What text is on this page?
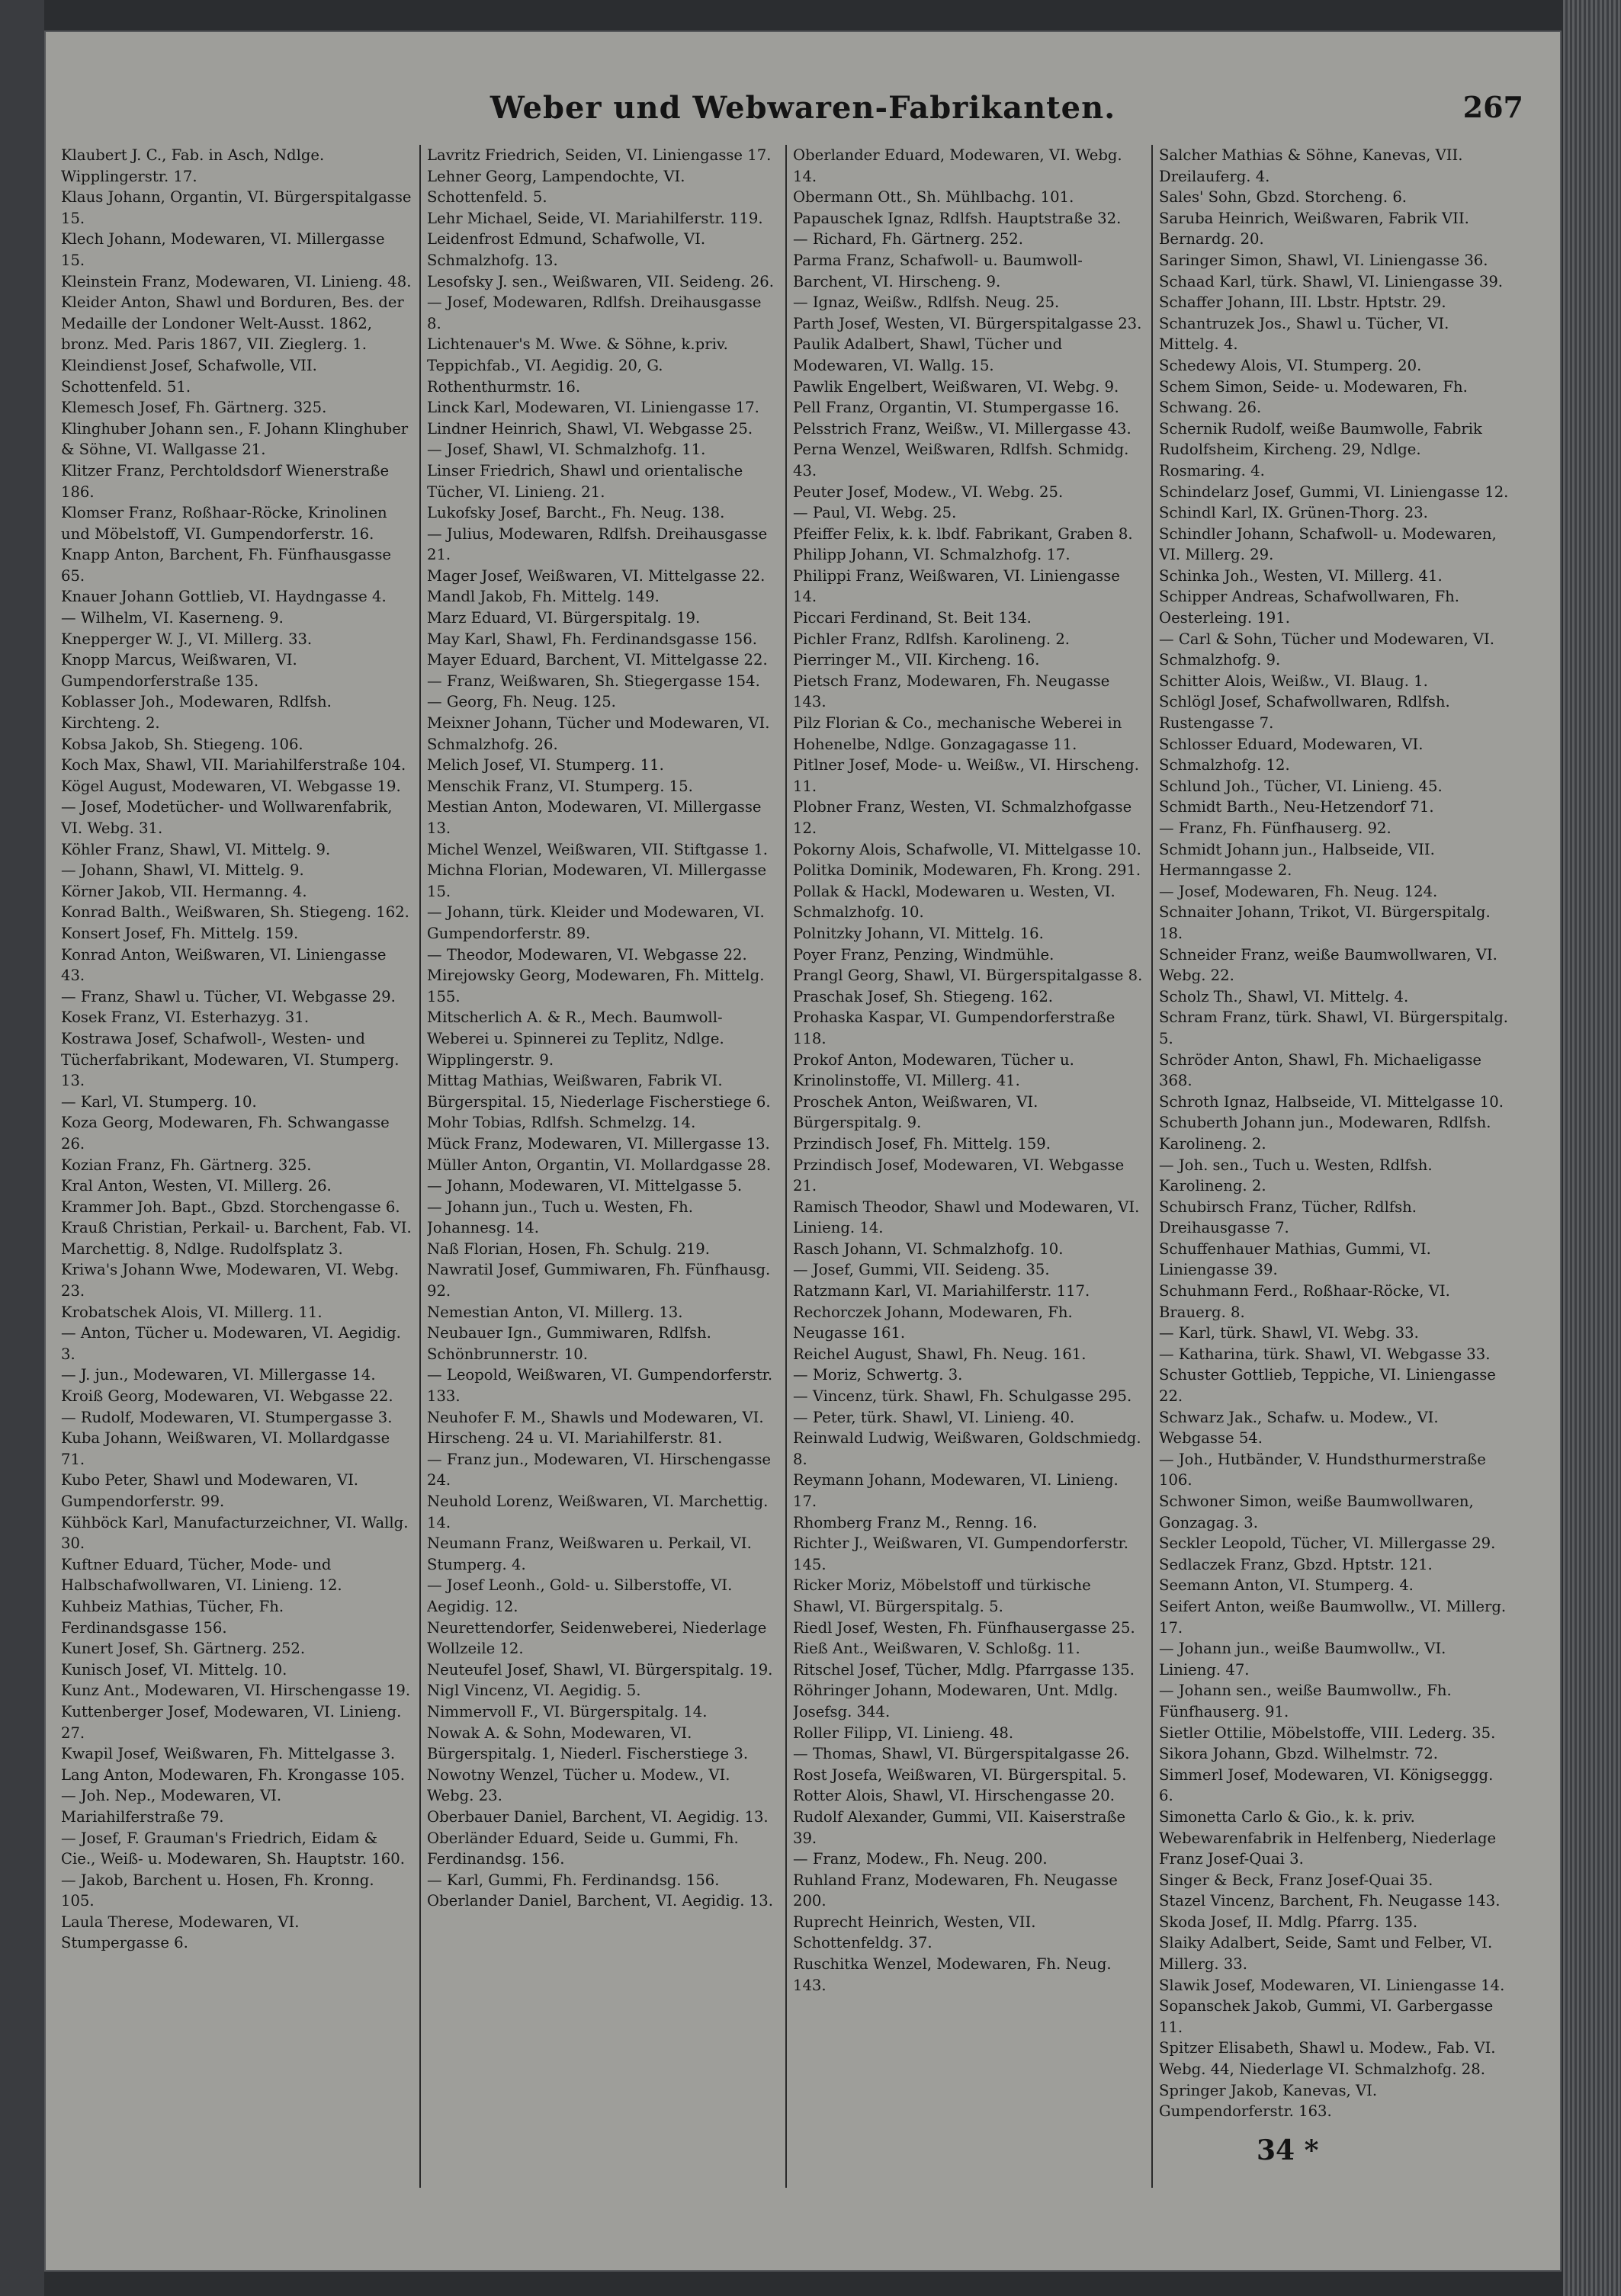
Weber und Webwaren-Fabrikanten.	267

Klaubert J. C., Fab. in Asch, Ndlge. Wipplingerstr. 17.

Klaus Johann, Organtin, VI. Bürgerspitalgasse 15.

Klech Johann, Modewaren, VI. Millergasse 15.

Kleinstein Franz, Modewaren, VI. Linieng. 48.

Kleider Anton, Shawl und Borduren, Bes. der Medaille der Londoner Welt-Ausst. 1862, bronz. Med. Paris 1867, VII. Zieglerg. 1.

Kleindienst Josef, Schafwolle, VII. Schottenfeld. 51.

Klemesch Josef, Fh. Gärtnerg. 325.

Klinghuber Johann sen., F. Johann Klinghuber & Söhne, VI. Wallgasse 21.

Klitzer Franz, Perchtoldsdorf Wienerstraße 186.

Klomser Franz, Roßhaar-Röcke, Krinolinen und Möbelstoff, VI. Gumpendorferstr. 16.

Knapp Anton, Barchent, Fh. Fünfhausgasse 65.

Knauer Johann Gottlieb, VI. Haydngasse 4.

— Wilhelm, VI. Kaserneng. 9.

Knepperger W. J., VI. Millerg. 33.

Knopp Marcus, Weißwaren, VI. Gumpendorferstraße 135.

Koblasser Joh., Modewaren, Rdlfsh. Kirchteng. 2.

Kobsa Jakob, Sh. Stiegeng. 106.

Koch Max, Shawl, VII. Mariahilferstraße 104.

Kögel August, Modewaren, VI. Webgasse 19.

— Josef, Modetücher- und Wollwarenfabrik, VI. Webg. 31.

Köhler Franz, Shawl, VI. Mittelg. 9.

— Johann, Shawl, VI. Mittelg. 9.

Körner Jakob, VII. Hermanng. 4.

Konrad Balth., Weißwaren, Sh. Stiegeng. 162.

Konsert Josef, Fh. Mittelg. 159.

Konrad Anton, Weißwaren, VI. Liniengasse 43.

— Franz, Shawl u. Tücher, VI. Webgasse 29.

Kosek Franz, VI. Esterhazyg. 31.

Kostrawa Josef, Schafwoll-, Westen- und Tücherfabrikant, Modewaren, VI. Stumperg. 13.

— Karl, VI. Stumperg. 10.

Koza Georg, Modewaren, Fh. Schwangasse 26.

Kozian Franz, Fh. Gärtnerg. 325.

Kral Anton, Westen, VI. Millerg. 26.

Krammer Joh. Bapt., Gbzd. Storchengasse 6.

Krauß Christian, Perkail- u. Barchent, Fab. VI. Marchettig. 8, Ndlge. Rudolfsplatz 3.

Kriwa's Johann Wwe, Modewaren, VI. Webg. 23.

Krobatschek Alois, VI. Millerg. 11.

— Anton, Tücher u. Modewaren, VI. Aegidig. 3.

— J. jun., Modewaren, VI. Millergasse 14.

Kroiß Georg, Modewaren, VI. Webgasse 22.

— Rudolf, Modewaren, VI. Stumpergasse 3.

Kuba Johann, Weißwaren, VI. Mollardgasse 71.

Kubo Peter, Shawl und Modewaren, VI. Gumpendorferstr. 99.

Kühböck Karl, Manufacturzeichner, VI. Wallg. 30.

Kuftner Eduard, Tücher, Mode- und Halbschafwollwaren, VI. Linieng. 12.

Kuhbeiz Mathias, Tücher, Fh. Ferdinandsgasse 156.

Kunert Josef, Sh. Gärtnerg. 252.

Kunisch Josef, VI. Mittelg. 10.

Kunz Ant., Modewaren, VI. Hirschengasse 19.

Kuttenberger Josef, Modewaren, VI. Linieng. 27.

Kwapil Josef, Weißwaren, Fh. Mittelgasse 3.

Lang Anton, Modewaren, Fh. Krongasse 105.

— Joh. Nep., Modewaren, VI. Mariahilferstraße 79.

— Josef, F. Grauman's Friedrich, Eidam & Cie., Weiß- u. Modewaren, Sh. Hauptstr. 160.

— Jakob, Barchent u. Hosen, Fh. Kronng. 105.

Laula Therese, Modewaren, VI. Stumpergasse 6.

Lavritz Friedrich, Seiden, VI. Liniengasse 17.

Lehner Georg, Lampendochte, VI. Schottenfeld. 5.

Lehr Michael, Seide, VI. Mariahilferstr. 119.

Leidenfrost Edmund, Schafwolle, VI. Schmalzhofg. 13.

Lesofsky J. sen., Weißwaren, VII. Seideng. 26.

— Josef, Modewaren, Rdlfsh. Dreihausgasse 8.

Lichtenauer's M. Wwe. & Söhne, k.priv. Teppichfab., VI. Aegidig. 20, G. Rothenthurmstr. 16.

Linck Karl, Modewaren, VI. Liniengasse 17.

Lindner Heinrich, Shawl, VI. Webgasse 25.

— Josef, Shawl, VI. Schmalzhofg. 11.

Linser Friedrich, Shawl und orientalische Tücher, VI. Linieng. 21.

Lukofsky Josef, Barcht., Fh. Neug. 138.

— Julius, Modewaren, Rdlfsh. Dreihausgasse 21.

Mager Josef, Weißwaren, VI. Mittelgasse 22.

Mandl Jakob, Fh. Mittelg. 149.

Marz Eduard, VI. Bürgerspitalg. 19.

May Karl, Shawl, Fh. Ferdinandsgasse 156.

Mayer Eduard, Barchent, VI. Mittelgasse 22.

— Franz, Weißwaren, Sh. Stiegergasse 154.

— Georg, Fh. Neug. 125.

Meixner Johann, Tücher und Modewaren, VI. Schmalzhofg. 26.

Melich Josef, VI. Stumperg. 11.

Menschik Franz, VI. Stumperg. 15.

Mestian Anton, Modewaren, VI. Millergasse 13.

Michel Wenzel, Weißwaren, VII. Stiftgasse 1.

Michna Florian, Modewaren, VI. Millergasse 15.

— Johann, türk. Kleider und Modewaren, VI. Gumpendorferstr. 89.

— Theodor, Modewaren, VI. Webgasse 22.

Mirejowsky Georg, Modewaren, Fh. Mittelg. 155.

Mitscherlich A. & R., Mech. Baumwoll-Weberei u. Spinnerei zu Teplitz, Ndlge. Wipplingerstr. 9.

Mittag Mathias, Weißwaren, Fabrik VI. Bürgerspital. 15, Niederlage Fischerstiege 6.

Mohr Tobias, Rdlfsh. Schmelzg. 14.

Mück Franz, Modewaren, VI. Millergasse 13.

Müller Anton, Organtin, VI. Mollardgasse 28.

— Johann, Modewaren, VI. Mittelgasse 5.

— Johann jun., Tuch u. Westen, Fh. Johannesg. 14.

Naß Florian, Hosen, Fh. Schulg. 219.

Nawratil Josef, Gummiwaren, Fh. Fünfhausg. 92.

Nemestian Anton, VI. Millerg. 13.

Neubauer Ign., Gummiwaren, Rdlfsh. Schönbrunnerstr. 10.

— Leopold, Weißwaren, VI. Gumpendorferstr. 133.

Neuhofer F. M., Shawls und Modewaren, VI. Hirscheng. 24 u. VI. Mariahilferstr. 81.

— Franz jun., Modewaren, VI. Hirschengasse 24.

Neuhold Lorenz, Weißwaren, VI. Marchettig. 14.

Neumann Franz, Weißwaren u. Perkail, VI. Stumperg. 4.

— Josef Leonh., Gold- u. Silberstoffe, VI. Aegidig. 12.

Neurettendorfer, Seidenweberei, Niederlage Wollzeile 12.

Neuteufel Josef, Shawl, VI. Bürgerspitalg. 19.

Nigl Vincenz, VI. Aegidig. 5.

Nimmervoll F., VI. Bürgerspitalg. 14.

Nowak A. & Sohn, Modewaren, VI. Bürgerspitalg. 1, Niederl. Fischerstiege 3.

Nowotny Wenzel, Tücher u. Modew., VI. Webg. 23.

Oberbauer Daniel, Barchent, VI. Aegidig. 13.

Oberländer Eduard, Seide u. Gummi, Fh. Ferdinandsg. 156.

— Karl, Gummi, Fh. Ferdinandsg. 156.

Oberlander Daniel, Barchent, VI. Aegidig. 13.

Oberlander Eduard, Modewaren, VI. Webg. 14.

Obermann Ott., Sh. Mühlbachg. 101.

Papauschek Ignaz, Rdlfsh. Hauptstraße 32.

— Richard, Fh. Gärtnerg. 252.

Parma Franz, Schafwoll- u. Baumwoll-Barchent, VI. Hirscheng. 9.

— Ignaz, Weißw., Rdlfsh. Neug. 25.

Parth Josef, Westen, VI. Bürgerspitalgasse 23.

Paulik Adalbert, Shawl, Tücher und Modewaren, VI. Wallg. 15.

Pawlik Engelbert, Weißwaren, VI. Webg. 9.

Pell Franz, Organtin, VI. Stumpergasse 16.

Pelsstrich Franz, Weißw., VI. Millergasse 43.

Perna Wenzel, Weißwaren, Rdlfsh. Schmidg. 43.

Peuter Josef, Modew., VI. Webg. 25.

— Paul, VI. Webg. 25.

Pfeiffer Felix, k. k. lbdf. Fabrikant, Graben 8.

Philipp Johann, VI. Schmalzhofg. 17.

Philippi Franz, Weißwaren, VI. Liniengasse 14.

Piccari Ferdinand, St. Beit 134.

Pichler Franz, Rdlfsh. Karolineng. 2.

Pierringer M., VII. Kircheng. 16.

Pietsch Franz, Modewaren, Fh. Neugasse 143.

Pilz Florian & Co., mechanische Weberei in Hohenelbe, Ndlge. Gonzagagasse 11.

Pitlner Josef, Mode- u. Weißw., VI. Hirscheng. 11.

Plobner Franz, Westen, VI. Schmalzhofgasse 12.

Pokorny Alois, Schafwolle, VI. Mittelgasse 10.

Politka Dominik, Modewaren, Fh. Krong. 291.

Pollak & Hackl, Modewaren u. Westen, VI. Schmalzhofg. 10.

Polnitzky Johann, VI. Mittelg. 16.

Poyer Franz, Penzing, Windmühle.

Prangl Georg, Shawl, VI. Bürgerspitalgasse 8.

Praschak Josef, Sh. Stiegeng. 162.

Prohaska Kaspar, VI. Gumpendorferstraße 118.

Prokof Anton, Modewaren, Tücher u. Krinolinstoffe, VI. Millerg. 41.

Proschek Anton, Weißwaren, VI. Bürgerspitalg. 9.

Przindisch Josef, Fh. Mittelg. 159.

Przindisch Josef, Modewaren, VI. Webgasse 21.

Ramisch Theodor, Shawl und Modewaren, VI. Linieng. 14.

Rasch Johann, VI. Schmalzhofg. 10.

— Josef, Gummi, VII. Seideng. 35.

Ratzmann Karl, VI. Mariahilferstr. 117.

Rechorczek Johann, Modewaren, Fh. Neugasse 161.

Reichel August, Shawl, Fh. Neug. 161.

— Moriz, Schwertg. 3.

— Vincenz, türk. Shawl, Fh. Schulgasse 295.

— Peter, türk. Shawl, VI. Linieng. 40.

Reinwald Ludwig, Weißwaren, Goldschmiedg. 8.

Reymann Johann, Modewaren, VI. Linieng. 17.

Rhomberg Franz M., Renng. 16.

Richter J., Weißwaren, VI. Gumpendorferstr. 145.

Ricker Moriz, Möbelstoff und türkische Shawl, VI. Bürgerspitalg. 5.

Riedl Josef, Westen, Fh. Fünfhausergasse 25.

Rieß Ant., Weißwaren, V. Schloßg. 11.

Ritschel Josef, Tücher, Mdlg. Pfarrgasse 135.

Röhringer Johann, Modewaren, Unt. Mdlg. Josefsg. 344.

Roller Filipp, VI. Linieng. 48.

— Thomas, Shawl, VI. Bürgerspitalgasse 26.

Rost Josefa, Weißwaren, VI. Bürgerspital. 5.

Rotter Alois, Shawl, VI. Hirschengasse 20.

Rudolf Alexander, Gummi, VII. Kaiserstraße 39.

— Franz, Modew., Fh. Neug. 200.

Ruhland Franz, Modewaren, Fh. Neugasse 200.

Ruprecht Heinrich, Westen, VII. Schottenfeldg. 37.

Ruschitka Wenzel, Modewaren, Fh. Neug. 143.

Salcher Mathias & Söhne, Kanevas, VII. Dreilauferg. 4.

Sales' Sohn, Gbzd. Storcheng. 6.

Saruba Heinrich, Weißwaren, Fabrik VII. Bernardg. 20.

Saringer Simon, Shawl, VI. Liniengasse 36.

Schaad Karl, türk. Shawl, VI. Liniengasse 39.

Schaffer Johann, III. Lbstr. Hptstr. 29.

Schantruzek Jos., Shawl u. Tücher, VI. Mittelg. 4.

Schedewy Alois, VI. Stumperg. 20.

Schem Simon, Seide- u. Modewaren, Fh. Schwang. 26.

Schernik Rudolf, weiße Baumwolle, Fabrik Rudolfsheim, Kircheng. 29, Ndlge. Rosmaring. 4.

Schindelarz Josef, Gummi, VI. Liniengasse 12.

Schindl Karl, IX. Grünen-Thorg. 23.

Schindler Johann, Schafwoll- u. Modewaren, VI. Millerg. 29.

Schinka Joh., Westen, VI. Millerg. 41.

Schipper Andreas, Schafwollwaren, Fh. Oesterleing. 191.

— Carl & Sohn, Tücher und Modewaren, VI. Schmalzhofg. 9.

Schitter Alois, Weißw., VI. Blaug. 1.

Schlögl Josef, Schafwollwaren, Rdlfsh. Rustengasse 7.

Schlosser Eduard, Modewaren, VI. Schmalzhofg. 12.

Schlund Joh., Tücher, VI. Linieng. 45.

Schmidt Barth., Neu-Hetzendorf 71.

— Franz, Fh. Fünfhauserg. 92.

Schmidt Johann jun., Halbseide, VII. Hermanngasse 2.

— Josef, Modewaren, Fh. Neug. 124.

Schnaiter Johann, Trikot, VI. Bürgerspitalg. 18.

Schneider Franz, weiße Baumwollwaren, VI. Webg. 22.

Scholz Th., Shawl, VI. Mittelg. 4.

Schram Franz, türk. Shawl, VI. Bürgerspitalg. 5.

Schröder Anton, Shawl, Fh. Michaeligasse 368.

Schroth Ignaz, Halbseide, VI. Mittelgasse 10.

Schuberth Johann jun., Modewaren, Rdlfsh. Karolineng. 2.

— Joh. sen., Tuch u. Westen, Rdlfsh. Karolineng. 2.

Schubirsch Franz, Tücher, Rdlfsh. Dreihausgasse 7.

Schuffenhauer Mathias, Gummi, VI. Liniengasse 39.

Schuhmann Ferd., Roßhaar-Röcke, VI. Brauerg. 8.

— Karl, türk. Shawl, VI. Webg. 33.

— Katharina, türk. Shawl, VI. Webgasse 33.

Schuster Gottlieb, Teppiche, VI. Liniengasse 22.

Schwarz Jak., Schafw. u. Modew., VI. Webgasse 54.

— Joh., Hutbänder, V. Hundsthurmerstraße 106.

Schwoner Simon, weiße Baumwollwaren, Gonzagag. 3.

Seckler Leopold, Tücher, VI. Millergasse 29.

Sedlaczek Franz, Gbzd. Hptstr. 121.

Seemann Anton, VI. Stumperg. 4.

Seifert Anton, weiße Baumwollw., VI. Millerg. 17.

— Johann jun., weiße Baumwollw., VI. Linieng. 47.

— Johann sen., weiße Baumwollw., Fh. Fünfhauserg. 91.

Sietler Ottilie, Möbelstoffe, VIII. Lederg. 35.

Sikora Johann, Gbzd. Wilhelmstr. 72.

Simmerl Josef, Modewaren, VI. Königseggg. 6.

Simonetta Carlo & Gio., k. k. priv. Webewarenfabrik in Helfenberg, Niederlage Franz Josef-Quai 3.

Singer & Beck, Franz Josef-Quai 35.

Stazel Vincenz, Barchent, Fh. Neugasse 143.

Skoda Josef, II. Mdlg. Pfarrg. 135.

Slaiky Adalbert, Seide, Samt und Felber, VI. Millerg. 33.

Slawik Josef, Modewaren, VI. Liniengasse 14.

Sopanschek Jakob, Gummi, VI. Garbergasse 11.

Spitzer Elisabeth, Shawl u. Modew., Fab. VI. Webg. 44, Niederlage VI. Schmalzhofg. 28.

Springer Jakob, Kanevas, VI. Gumpendorferstr. 163.

34 *
